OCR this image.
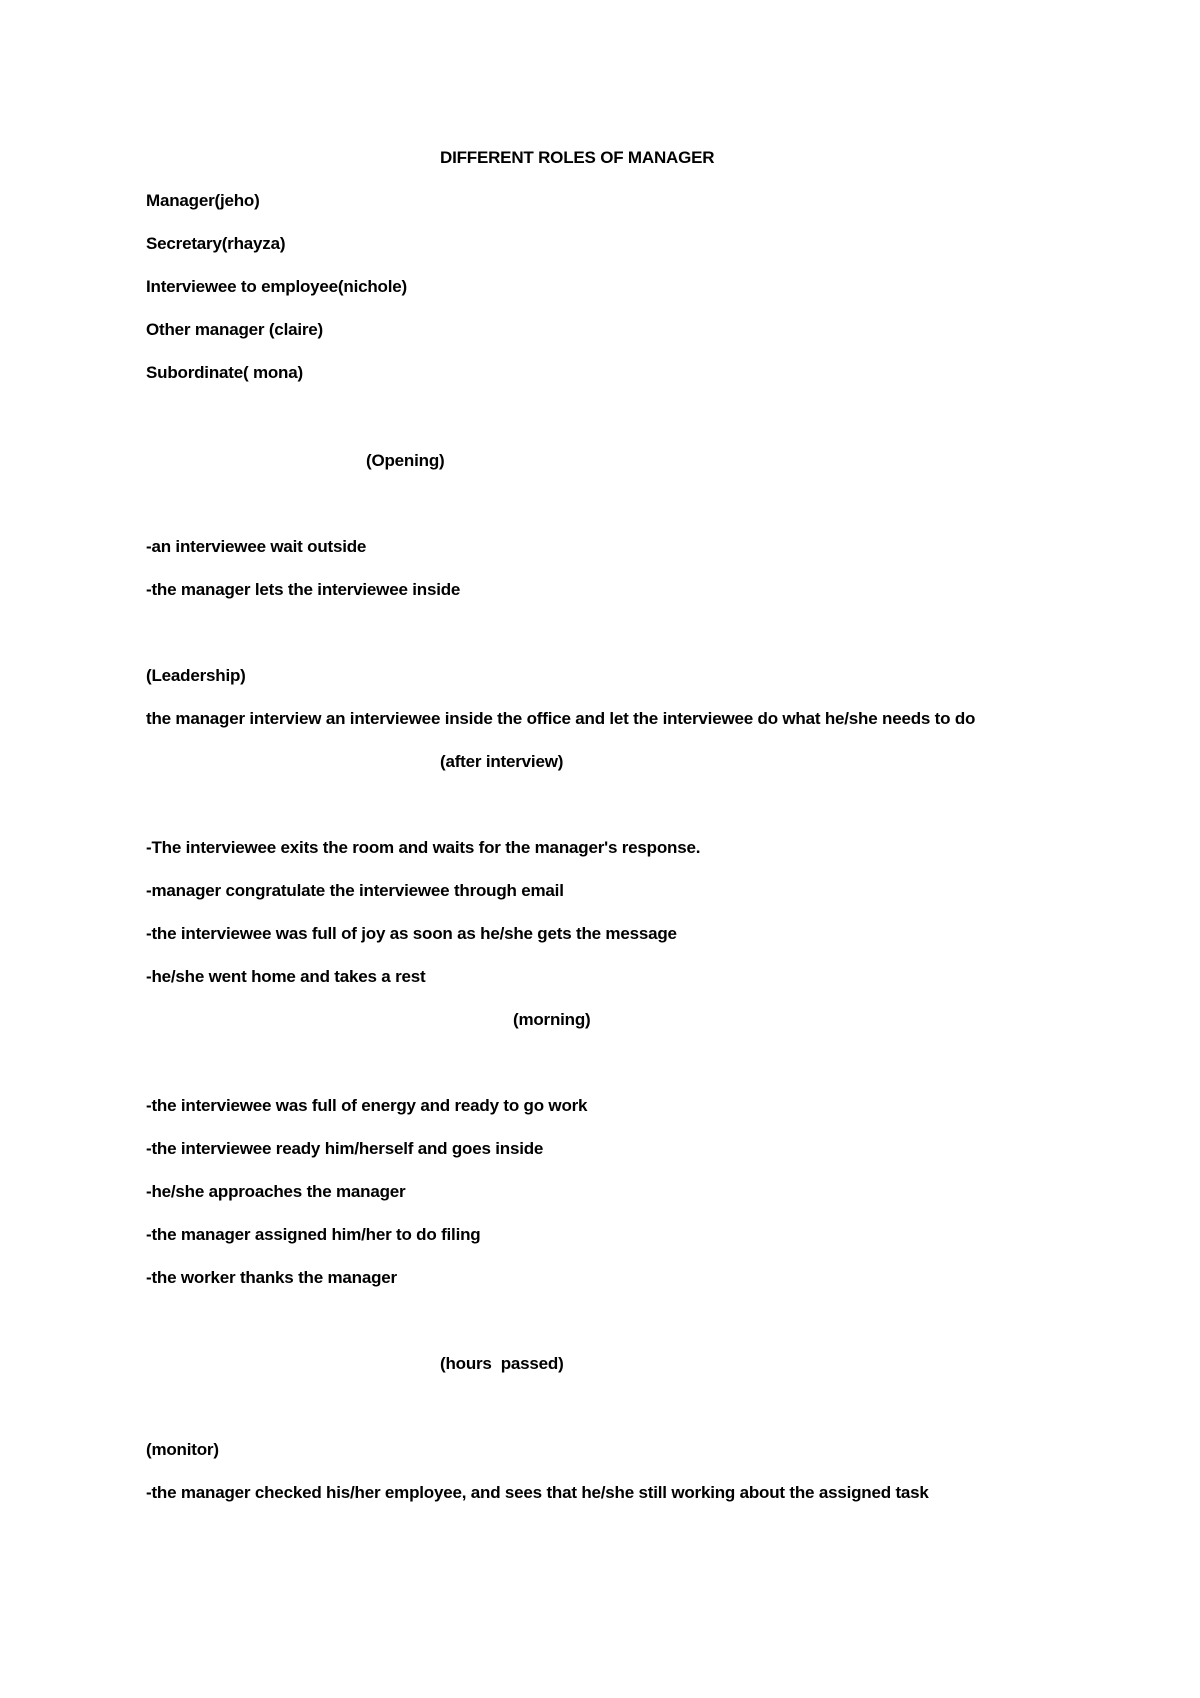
DIFFERENT ROLES OF MANAGER
Manager(jeho)
Secretary(rhayza)
Interviewee to employee(nichole)
Other manager (claire)
Subordinate( mona)
(Opening)
-an interviewee wait outside
-the manager lets the interviewee inside
(Leadership)
the manager interview an interviewee inside the office and let the interviewee do what he/she needs to do
(after interview)
-The interviewee exits the room and waits for the manager's response.
-manager congratulate the interviewee through email
-the interviewee was full of joy as soon as he/she gets the message
-he/she went home and takes a rest
(morning)
-the interviewee was full of energy and ready to go work
-the interviewee ready him/herself and goes inside
-he/she approaches the manager
-the manager assigned him/her to do filing
-the worker thanks the manager
(hours  passed)
(monitor)
-the manager checked his/her employee, and sees that he/she still working about the assigned task
